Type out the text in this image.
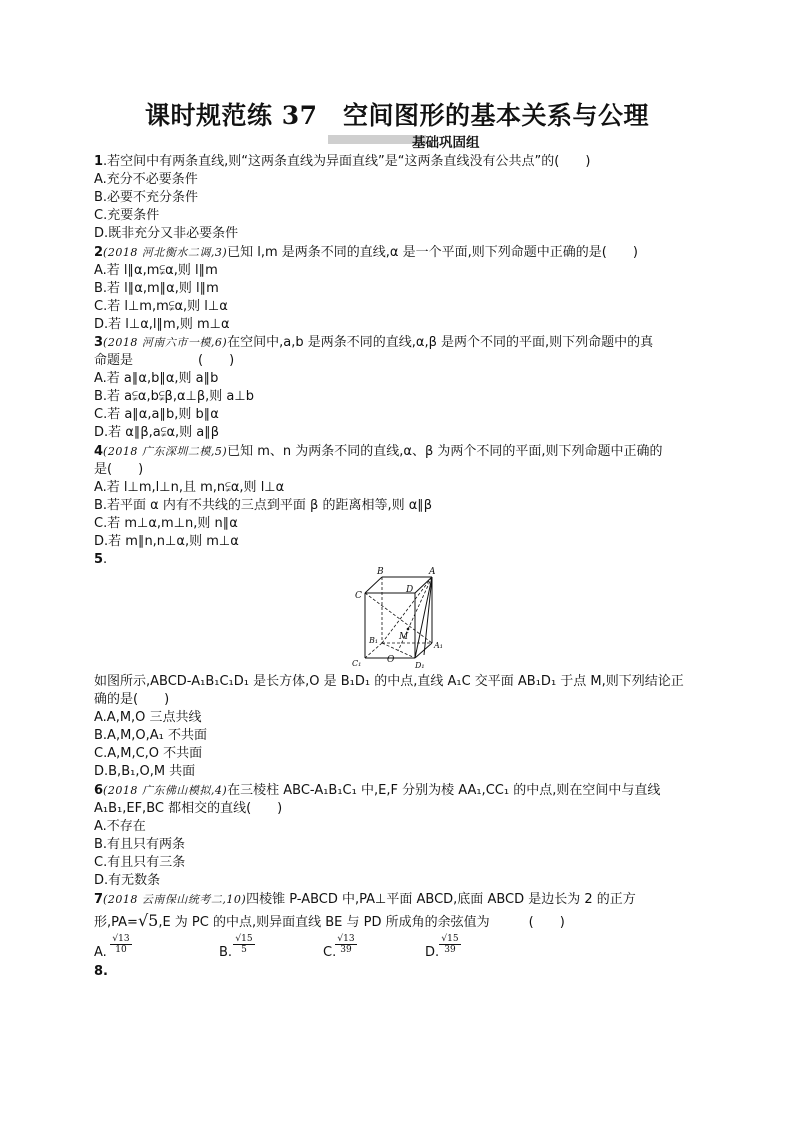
课时规范练 37　空间图形的基本关系与公理
基础巩固组
1.若空间中有两条直线,则“这两条直线为异面直线”是“这两条直线没有公共点”的(　　)
A.充分不必要条件
B.必要不充分条件
C.充要条件
D.既非充分又非必要条件
2(2018 河北衡水二调,3)已知 l,m 是两条不同的直线,α 是一个平面,则下列命题中正确的是(　　)
A.若 l∥α,m⫋α,则 l∥m
B.若 l∥α,m∥α,则 l∥m
C.若 l⊥m,m⫋α,则 l⊥α
D.若 l⊥α,l∥m,则 m⊥α
3(2018 河南六市一模,6)在空间中,a,b 是两条不同的直线,α,β 是两个不同的平面,则下列命题中的真
命题是　　　　　(　　)
A.若 a∥α,b∥α,则 a∥b
B.若 a⫋α,b⫋β,α⊥β,则 a⊥b
C.若 a∥α,a∥b,则 b∥α
D.若 α∥β,a⫋α,则 a∥β
4(2018 广东深圳二模,5)已知 m、n 为两条不同的直线,α、β 为两个不同的平面,则下列命题中正确的
是(　　)
A.若 l⊥m,l⊥n,且 m,n⫋α,则 l⊥α
B.若平面 α 内有不共线的三点到平面 β 的距离相等,则 α∥β
C.若 m⊥α,m⊥n,则 n∥α
D.若 m∥n,n⊥α,则 m⊥α
5.
B	A
C
D
B₁ M
A₁
C₁	O
D₁
如图所示,ABCD-A₁B₁C₁D₁ 是长方体,O 是 B₁D₁ 的中点,直线 A₁C 交平面 AB₁D₁ 于点 M,则下列结论正
确的是(　　)
A.A,M,O 三点共线
B.A,M,O,A₁ 不共面
C.A,M,C,O 不共面
D.B,B₁,O,M 共面
6(2018 广东佛山模拟,4)在三棱柱 ABC-A₁B₁C₁ 中,E,F 分别为棱 AA₁,CC₁ 的中点,则在空间中与直线
A₁B₁,EF,BC 都相交的直线(　　)
A.不存在
B.有且只有两条
C.有且只有三条
D.有无数条
7(2018 云南保山统考二,10)四棱锥 P-ABCD 中,PA⊥平面 ABCD,底面 ABCD 是边长为 2 的正方
形,PA=√5,E 为 PC 的中点,则异面直线 BE 与 PD 所成角的余弦值为　　　(　　)
A. $\frac{√13}{10}$	B. $\frac{√15}{5}$	C.
$\frac{√13}{39}$	D. $\frac{√15}{39}$
8.
